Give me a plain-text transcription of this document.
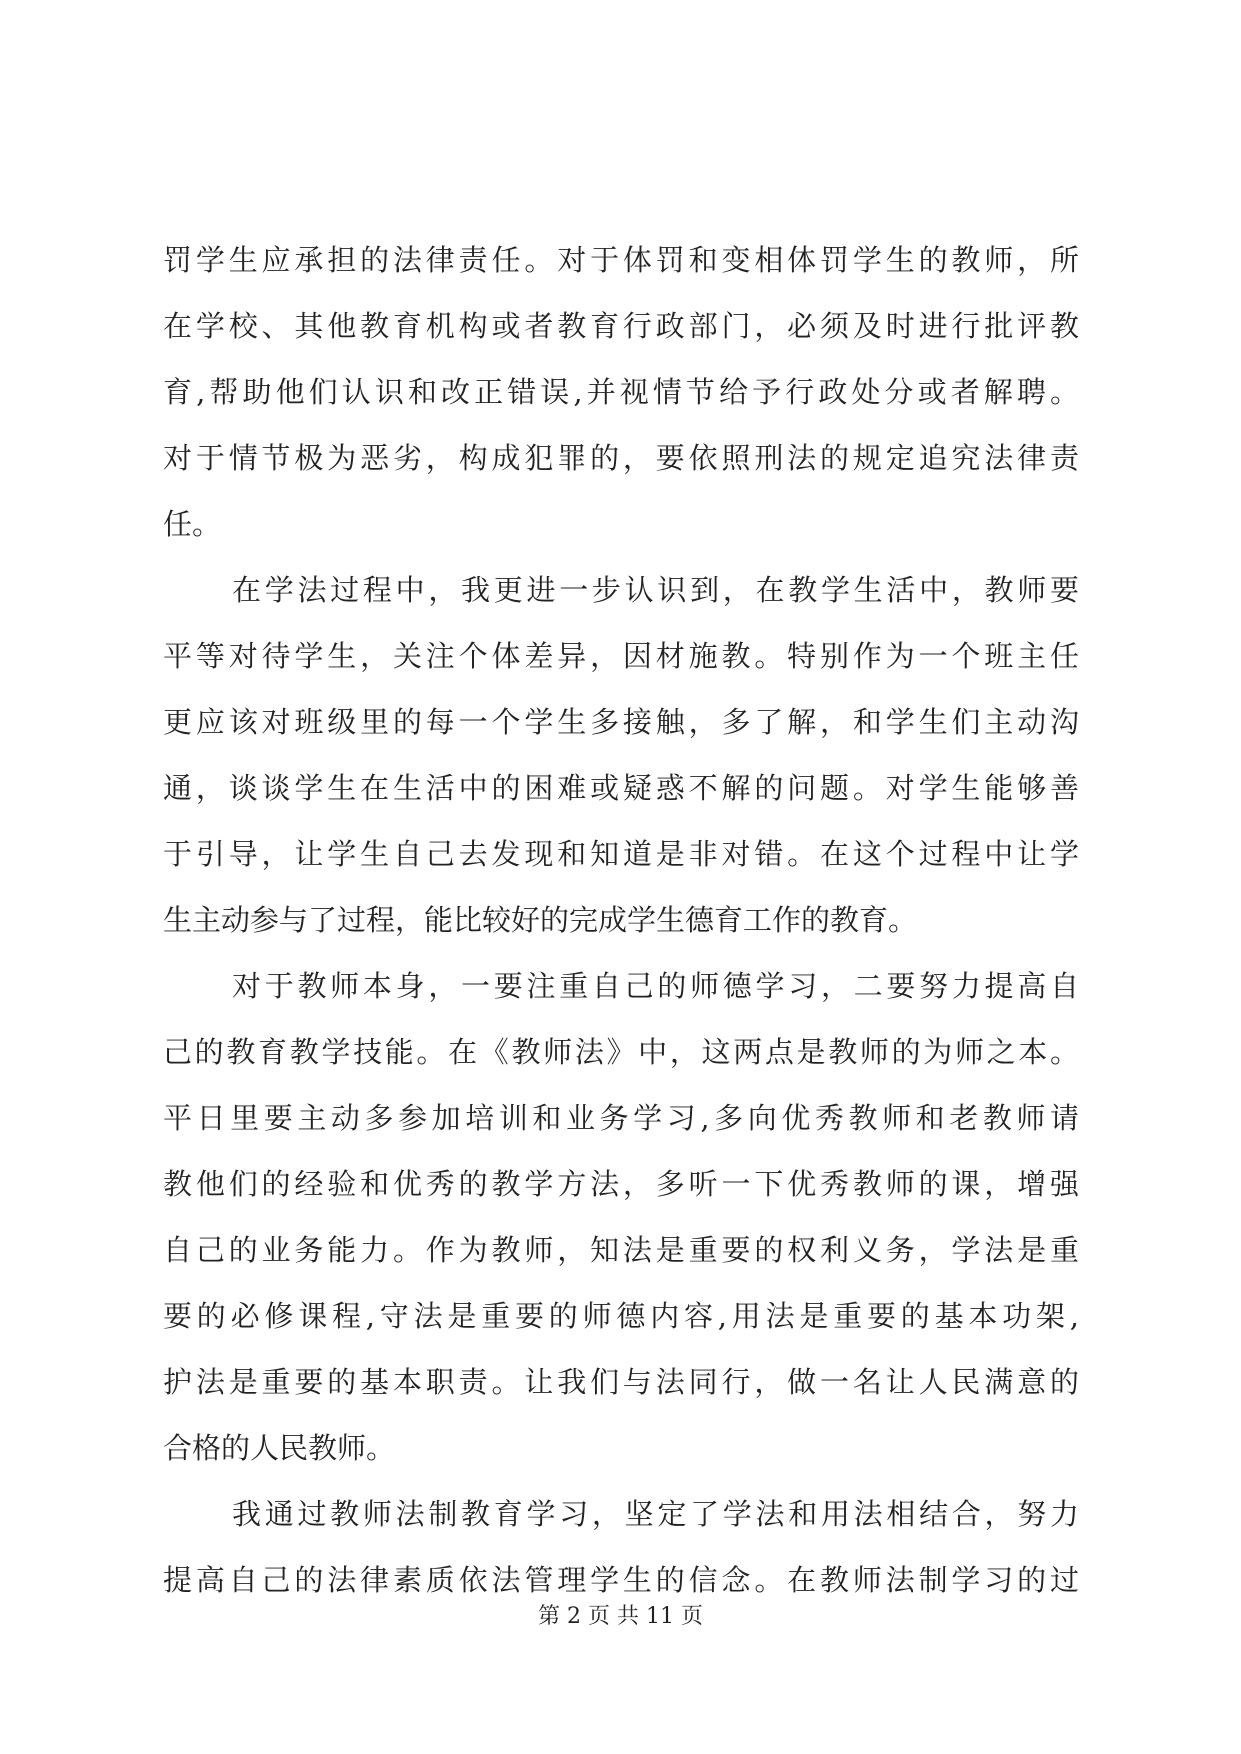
罚学生应承担的法律责任。对于体罚和变相体罚学生的教师，所
在学校、其他教育机构或者教育行政部门，必须及时进行批评教
育,帮助他们认识和改正错误,并视情节给予行政处分或者解聘。
对于情节极为恶劣，构成犯罪的，要依照刑法的规定追究法律责
任。
在学法过程中，我更进一步认识到，在教学生活中，教师要
平等对待学生，关注个体差异，因材施教。特别作为一个班主任
更应该对班级里的每一个学生多接触，多了解，和学生们主动沟
通，谈谈学生在生活中的困难或疑惑不解的问题。对学生能够善
于引导，让学生自己去发现和知道是非对错。在这个过程中让学
生主动参与了过程，能比较好的完成学生德育工作的教育。
对于教师本身，一要注重自己的师德学习，二要努力提高自
己的教育教学技能。在《教师法》中，这两点是教师的为师之本。
平日里要主动多参加培训和业务学习,多向优秀教师和老教师请
教他们的经验和优秀的教学方法，多听一下优秀教师的课，增强
自己的业务能力。作为教师，知法是重要的权利义务，学法是重
要的必修课程,守法是重要的师德内容,用法是重要的基本功架,
护法是重要的基本职责。让我们与法同行，做一名让人民满意的
合格的人民教师。
我通过教师法制教育学习，坚定了学法和用法相结合，努力
提高自己的法律素质依法管理学生的信念。在教师法制学习的过
第 2 页 共 11 页
